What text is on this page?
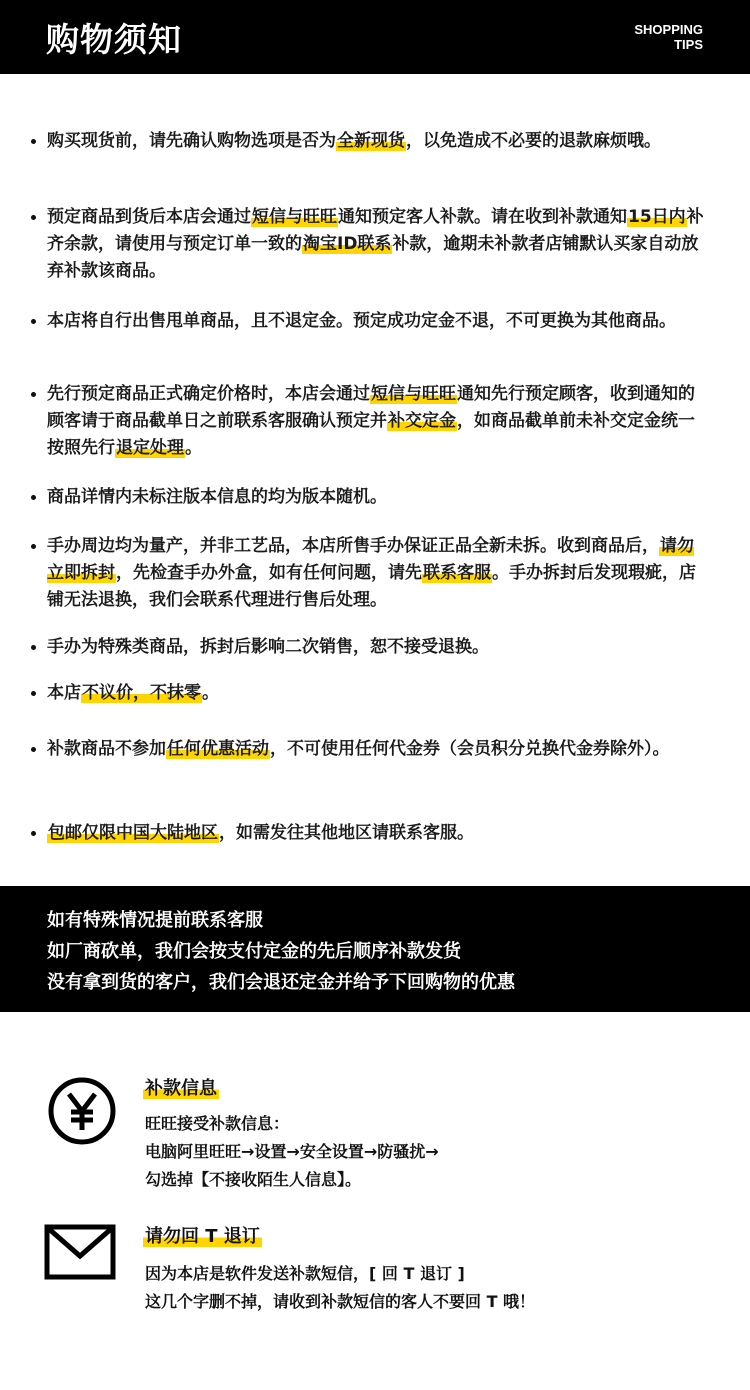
购物须知	SHOPPING
TIPS
购买现货前，请先确认购物选项是否为全新现货，以免造成不必要的退款麻烦哦。
预定商品到货后本店会通过短信与旺旺通知预定客人补款。请在收到补款通知15日内补齐余款，请使用与预定订单一致的淘宝ID联系补款，逾期未补款者店铺默认买家自动放弃补款该商品。
本店将自行出售甩单商品，且不退定金。预定成功定金不退，不可更换为其他商品。
先行预定商品正式确定价格时，本店会通过短信与旺旺通知先行预定顾客，收到通知的顾客请于商品截单日之前联系客服确认预定并补交定金，如商品截单前未补交定金统一按照先行退定处理。
商品详情内未标注版本信息的均为版本随机。
手办周边均为量产，并非工艺品，本店所售手办保证正品全新未拆。收到商品后，请勿立即拆封，先检查手办外盒，如有任何问题，请先联系客服。手办拆封后发现瑕疵，店铺无法退换，我们会联系代理进行售后处理。
手办为特殊类商品，拆封后影响二次销售，恕不接受退换。
本店不议价，不抹零。
补款商品不参加任何优惠活动，不可使用任何代金券（会员积分兑换代金券除外）。
包邮仅限中国大陆地区，如需发往其他地区请联系客服。
如有特殊情况提前联系客服
如厂商砍单，我们会按支付定金的先后顺序补款发货
没有拿到货的客户，我们会退还定金并给予下回购物的优惠
补款信息
旺旺接受补款信息：
电脑阿里旺旺→设置→安全设置→防骚扰→
勾选掉【不接收陌生人信息】。
请勿回 T 退订
因为本店是软件发送补款短信，[ 回 T 退订 ]
这几个字删不掉，请收到补款短信的客人不要回 T 哦！
